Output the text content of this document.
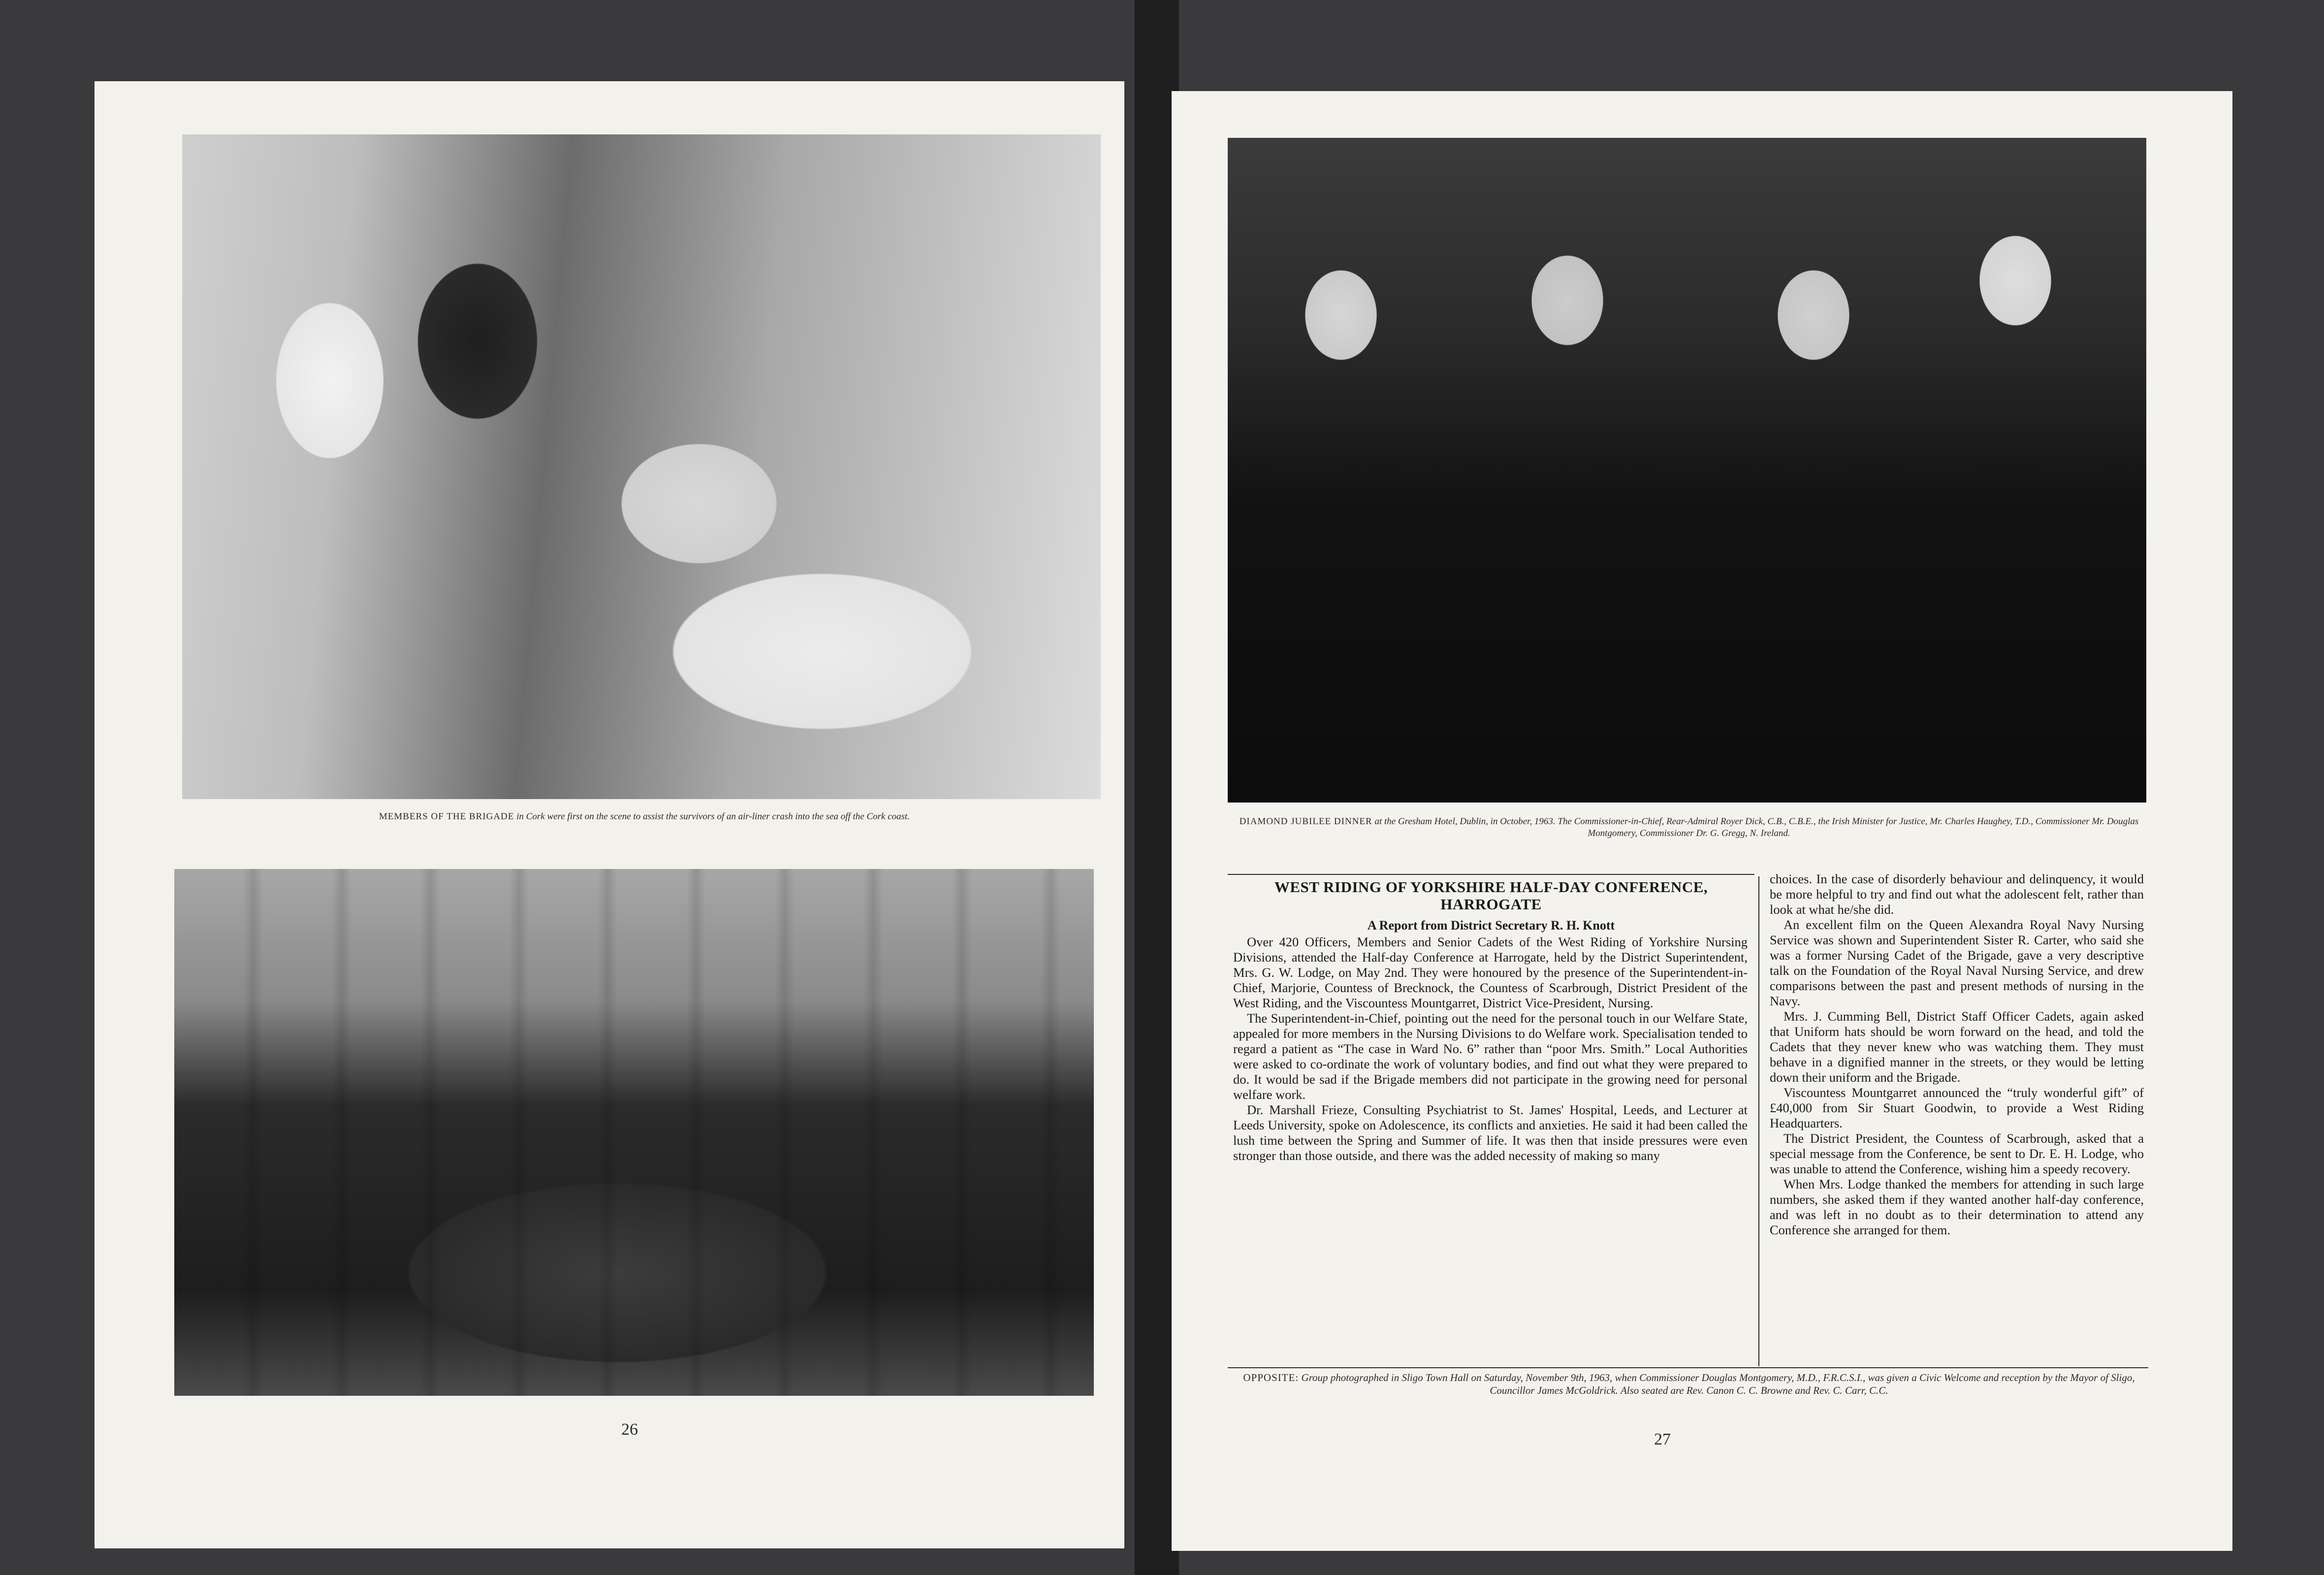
MEMBERS OF THE BRIGADE in Cork were first on the scene to assist the survivors of an air-liner crash into the sea off the Cork coast.
26
DIAMOND JUBILEE DINNER at the Gresham Hotel, Dublin, in October, 1963. The Commissioner-in-Chief, Rear-Admiral Royer Dick, C.B., C.B.E., the Irish Minister for Justice, Mr. Charles Haughey, T.D., Commissioner Mr. Douglas Montgomery, Commissioner Dr. G. Gregg, N. Ireland.
WEST RIDING OF YORKSHIRE HALF-DAY CONFERENCE, HARROGATE
A Report from District Secretary R. H. Knott

Over 420 Officers, Members and Senior Cadets of the West Riding of Yorkshire Nursing Divisions, attended the Half-day Conference at Harrogate, held by the District Superintendent, Mrs. G. W. Lodge, on May 2nd. They were honoured by the presence of the Superintendent-in-Chief, Marjorie, Countess of Brecknock, the Countess of Scarbrough, District President of the West Riding, and the Viscountess Mountgarret, District Vice-President, Nursing.

The Superintendent-in-Chief, pointing out the need for the personal touch in our Welfare State, appealed for more members in the Nursing Divisions to do Welfare work. Specialisation tended to regard a patient as “The case in Ward No. 6” rather than “poor Mrs. Smith.” Local Authorities were asked to co-ordinate the work of voluntary bodies, and find out what they were prepared to do. It would be sad if the Brigade members did not participate in the growing need for personal welfare work.

Dr. Marshall Frieze, Consulting Psychiatrist to St. James' Hospital, Leeds, and Lecturer at Leeds University, spoke on Adolescence, its conflicts and anxieties. He said it had been called the lush time between the Spring and Summer of life. It was then that inside pressures were even stronger than those outside, and there was the added necessity of making so many

choices. In the case of disorderly behaviour and delinquency, it would be more helpful to try and find out what the adolescent felt, rather than look at what he/she did.

An excellent film on the Queen Alexandra Royal Navy Nursing Service was shown and Superintendent Sister R. Carter, who said she was a former Nursing Cadet of the Brigade, gave a very descriptive talk on the Foundation of the Royal Naval Nursing Service, and drew comparisons between the past and present methods of nursing in the Navy.

Mrs. J. Cumming Bell, District Staff Officer Cadets, again asked that Uniform hats should be worn forward on the head, and told the Cadets that they never knew who was watching them. They must behave in a dignified manner in the streets, or they would be letting down their uniform and the Brigade.

Viscountess Mountgarret announced the “truly wonderful gift” of £40,000 from Sir Stuart Goodwin, to provide a West Riding Headquarters.

The District President, the Countess of Scarbrough, asked that a special message from the Conference, be sent to Dr. E. H. Lodge, who was unable to attend the Conference, wishing him a speedy recovery.

When Mrs. Lodge thanked the members for attending in such large numbers, she asked them if they wanted another half-day conference, and was left in no doubt as to their determination to attend any Conference she arranged for them.

OPPOSITE: Group photographed in Sligo Town Hall on Saturday, November 9th, 1963, when Commissioner Douglas Montgomery, M.D., F.R.C.S.I., was given a Civic Welcome and reception by the Mayor of Sligo, Councillor James McGoldrick. Also seated are Rev. Canon C. C. Browne and Rev. C. Carr, C.C.
27
